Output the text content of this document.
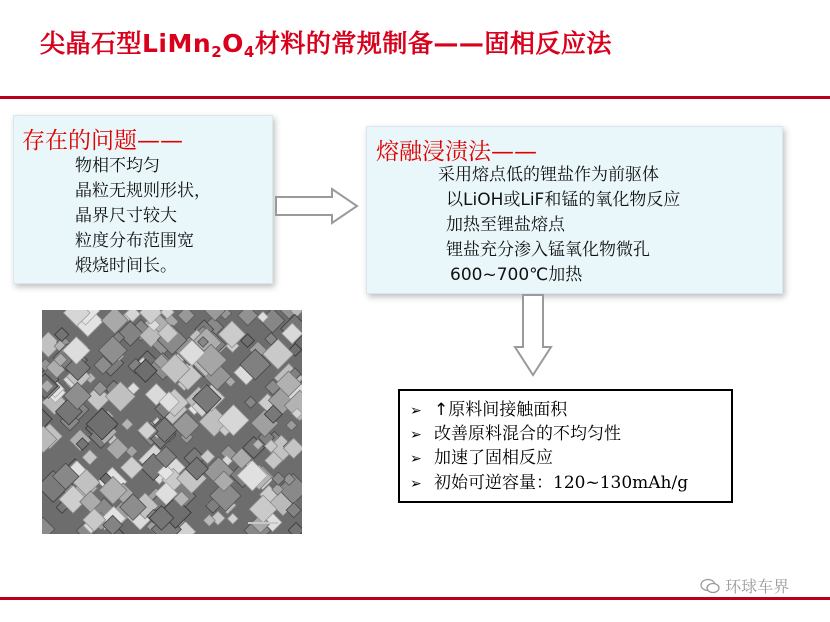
尖晶石型$LiMn_2O_4$材料的常规制备——固相反应法
存在的问题——
物相不均匀
晶粒无规则形状，
晶界尺寸较大
粒度分布范围宽
煅烧时间长。
熔融浸渍法——
采用熔点低的锂盐作为前驱体
以LiOH或LiF和锰的氧化物反应
加热至锂盐熔点
锂盐充分渗入锰氧化物微孔
600~700℃加热
➢ ↑原料间接触面积
➢ 改善原料混合的不均匀性
➢ 加速了固相反应
➢ 初始可逆容量：120~130mAh/g
环球车界
